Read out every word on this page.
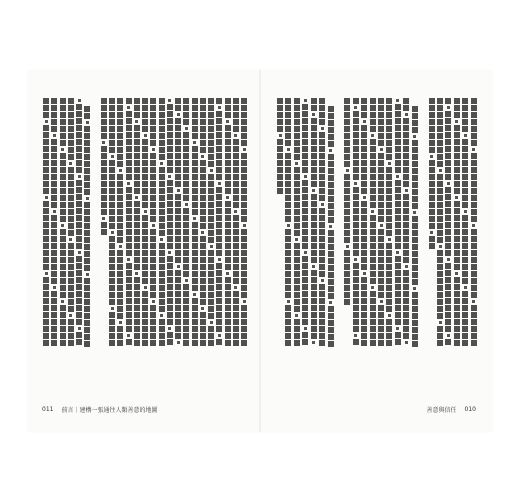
011 前言｜建構一張通往人類善意的地圖	善意與信任 010
